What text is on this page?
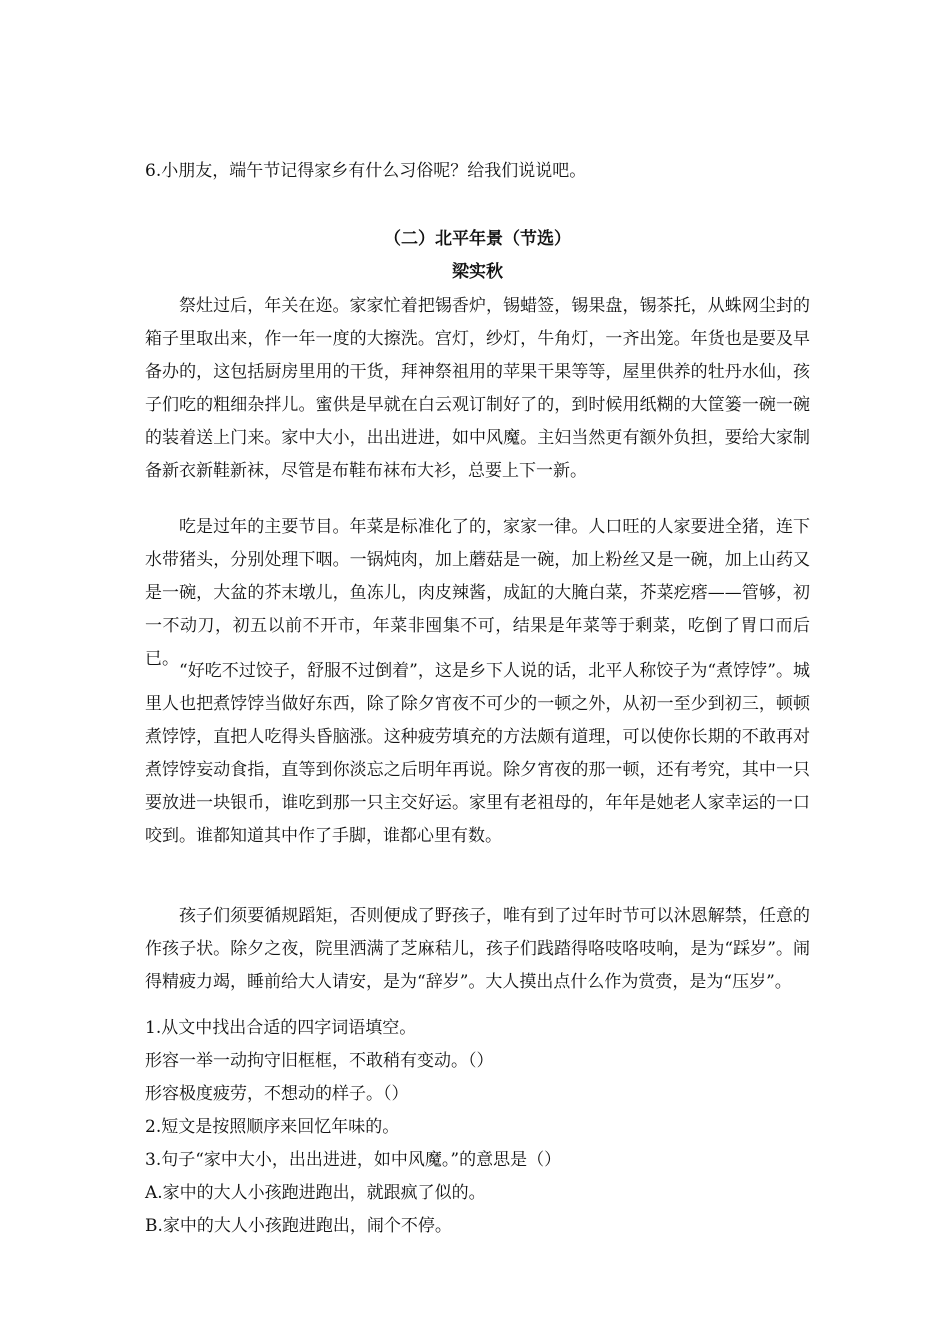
6.小朋友，端午节记得家乡有什么习俗呢？给我们说说吧。
（二）北平年景（节选）
梁实秋

祭灶过后，年关在迩。家家忙着把锡香炉，锡蜡签，锡果盘，锡茶托，从蛛网尘封的箱子里取出来，作一年一度的大擦洗。宫灯，纱灯，牛角灯，一齐出笼。年货也是要及早备办的，这包括厨房里用的干货，拜神祭祖用的苹果干果等等，屋里供养的牡丹水仙，孩子们吃的粗细杂拌儿。蜜供是早就在白云观订制好了的，到时候用纸糊的大筐篓一碗一碗的装着送上门来。家中大小，出出进进，如中风魔。主妇当然更有额外负担，要给大家制备新衣新鞋新袜，尽管是布鞋布袜布大衫，总要上下一新。

吃是过年的主要节目。年菜是标准化了的，家家一律。人口旺的人家要进全猪，连下水带猪头，分别处理下咽。一锅炖肉，加上蘑菇是一碗，加上粉丝又是一碗，加上山药又是一碗，大盆的芥末墩儿，鱼冻儿，肉皮辣酱，成缸的大腌白菜，芥菜疙瘩——管够，初一不动刀，初五以前不开市，年菜非囤集不可，结果是年菜等于剩菜，吃倒了胃口而后已。

“好吃不过饺子，舒服不过倒着”，这是乡下人说的话，北平人称饺子为“煮饽饽”。城里人也把煮饽饽当做好东西，除了除夕宵夜不可少的一顿之外，从初一至少到初三，顿顿煮饽饽，直把人吃得头昏脑涨。这种疲劳填充的方法颇有道理，可以使你长期的不敢再对煮饽饽妄动食指，直等到你淡忘之后明年再说。除夕宵夜的那一顿，还有考究，其中一只要放进一块银币，谁吃到那一只主交好运。家里有老祖母的，年年是她老人家幸运的一口咬到。谁都知道其中作了手脚，谁都心里有数。

孩子们须要循规蹈矩，否则便成了野孩子，唯有到了过年时节可以沐恩解禁，任意的作孩子状。除夕之夜，院里洒满了芝麻秸儿，孩子们践踏得咯吱咯吱响，是为“踩岁”。闹得精疲力竭，睡前给大人请安，是为“辞岁”。大人摸出点什么作为赏赍，是为“压岁”。

1.从文中找出合适的四字词语填空。
形容一举一动拘守旧框框，不敢稍有变动。（）
形容极度疲劳，不想动的样子。（）
2.短文是按照顺序来回忆年味的。
3.句子“家中大小，出出进进，如中风魔。”的意思是（）
A.家中的大人小孩跑进跑出，就跟疯了似的。
B.家中的大人小孩跑进跑出，闹个不停。
